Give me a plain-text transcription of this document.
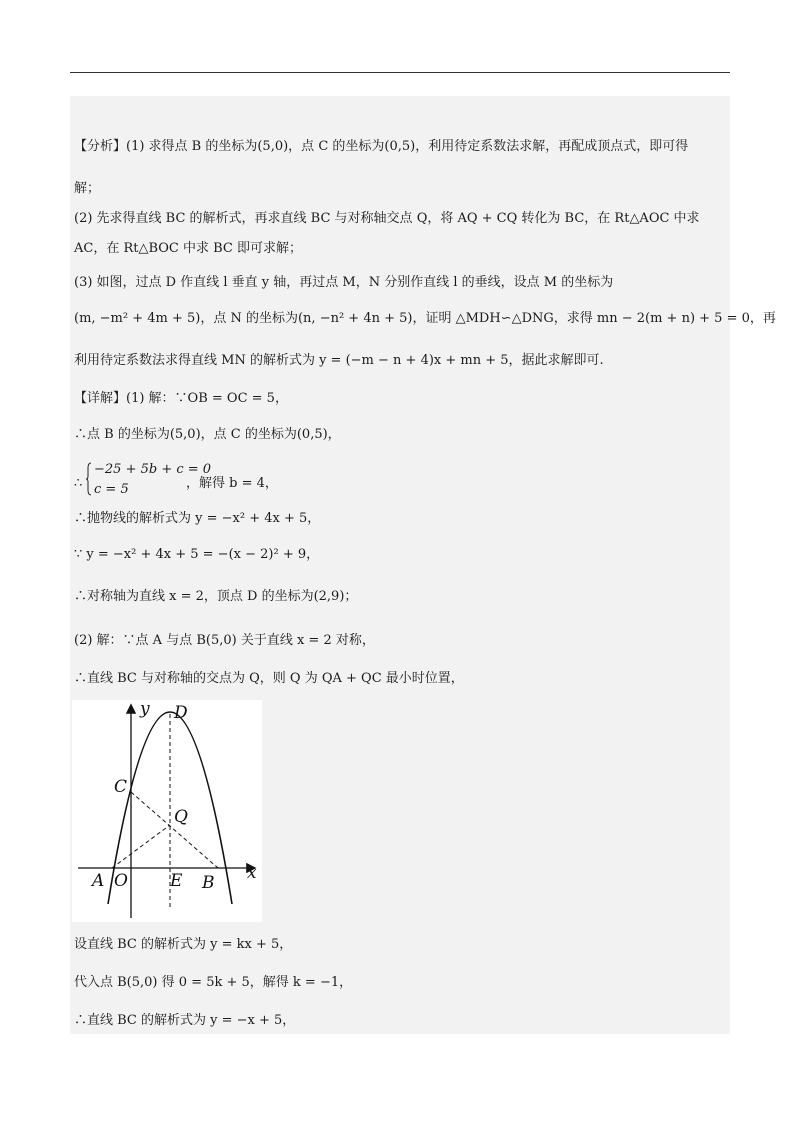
【分析】(1) 求得点 B 的坐标为(5,0)，点 C 的坐标为(0,5)，利用待定系数法求解，再配成顶点式，即可得
解；
(2) 先求得直线 BC 的解析式，再求直线 BC 与对称轴交点 Q，将 AQ + CQ 转化为 BC，在 Rt△AOC 中求
AC，在 Rt△BOC 中求 BC 即可求解；
(3) 如图，过点 D 作直线 l 垂直 y 轴，再过点 M，N 分别作直线 l 的垂线，设点 M 的坐标为
(m, −m² + 4m + 5)，点 N 的坐标为(n, −n² + 4n + 5)，证明 △MDH∽△DNG，求得 mn − 2(m + n) + 5 = 0，再
利用待定系数法求得直线 MN 的解析式为 y = (−m − n + 4)x + mn + 5，据此求解即可.
【详解】(1) 解：∵OB = OC = 5，
∴点 B 的坐标为(5,0)，点 C 的坐标为(0,5)，
∴
−25 + 5b + c = 0
c = 5	，解得 b = 4，
∴抛物线的解析式为 y = −x² + 4x + 5，
∵ y = −x² + 4x + 5 = −(x − 2)² + 9，
∴对称轴为直线 x = 2，顶点 D 的坐标为(2,9)；
(2) 解：∵点 A 与点 B(5,0) 关于直线 x = 2 对称，
∴直线 BC 与对称轴的交点为 Q，则 Q 为 QA + QC 最小时位置，
y
x
D
C
Q
A O E B
设直线 BC 的解析式为 y = kx + 5，
代入点 B(5,0) 得 0 = 5k + 5，解得 k = −1，
∴直线 BC 的解析式为 y = −x + 5，
